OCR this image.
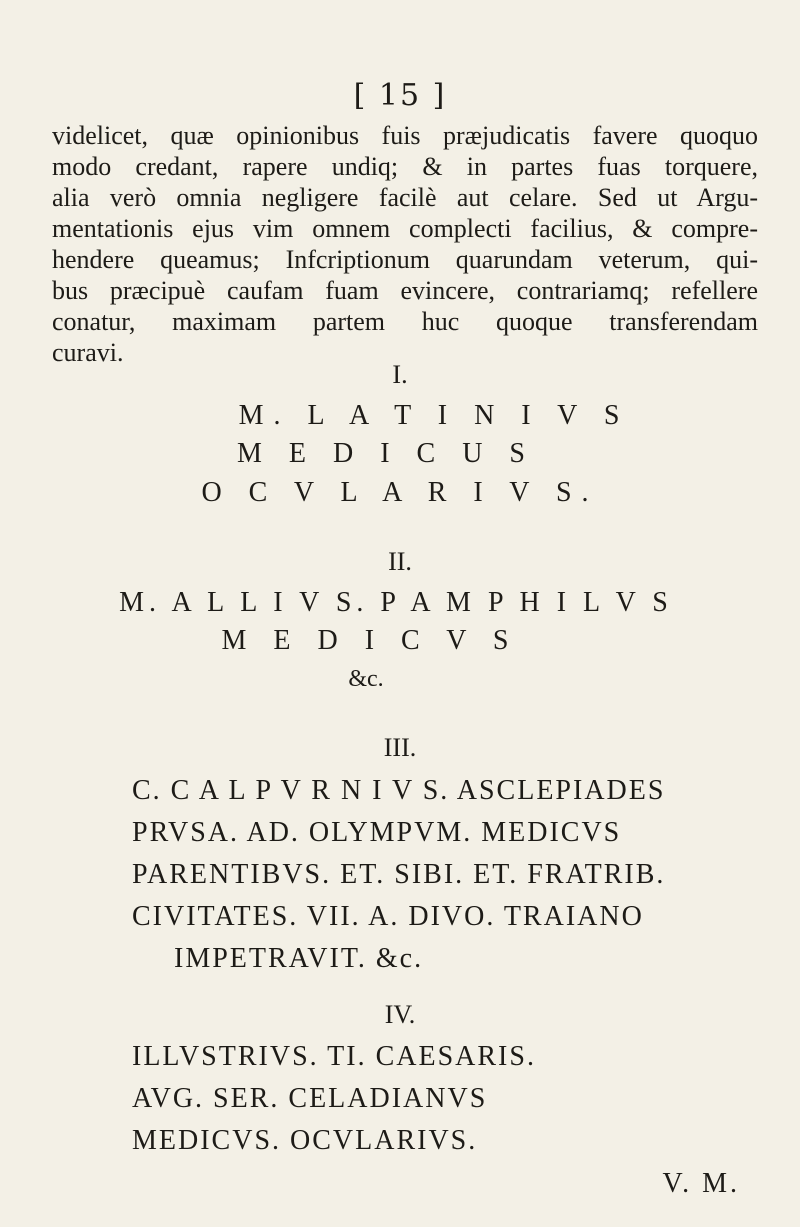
[ 15 ]
videlicet, quæ opinionibus fuis præjudicatis favere quoquo
modo credant, rapere undiq; & in partes fuas torquere,
alia verò omnia negligere facilè aut celare. Sed ut Argu-
mentationis ejus vim omnem complecti facilius, & compre-
hendere queamus; Infcriptionum quarundam veterum, qui-
bus præcipuè caufam fuam evincere, contrariamq; refellere
conatur, maximam partem huc quoque transferendam
curavi.
I.
M. L A T I N I V S
M E D I C U S
O C V L A R I V S.
II.
M. A L L I V S. P A M P H I L V S
M E D I C V S
&c.
III.
C. C A L P V R N I V S. ASCLEPIADES
PRVSA. AD. OLYMPVM. MEDICVS
PARENTIBVS. ET. SIBI. ET. FRATRIB.
CIVITATES. VII. A. DIVO. TRAIANO
IMPETRAVIT. &c.
IV.
ILLVSTRIVS. TI. CAESARIS.
AVG. SER. CELADIANVS
MEDICVS. OCVLARIVS.
V. M.
